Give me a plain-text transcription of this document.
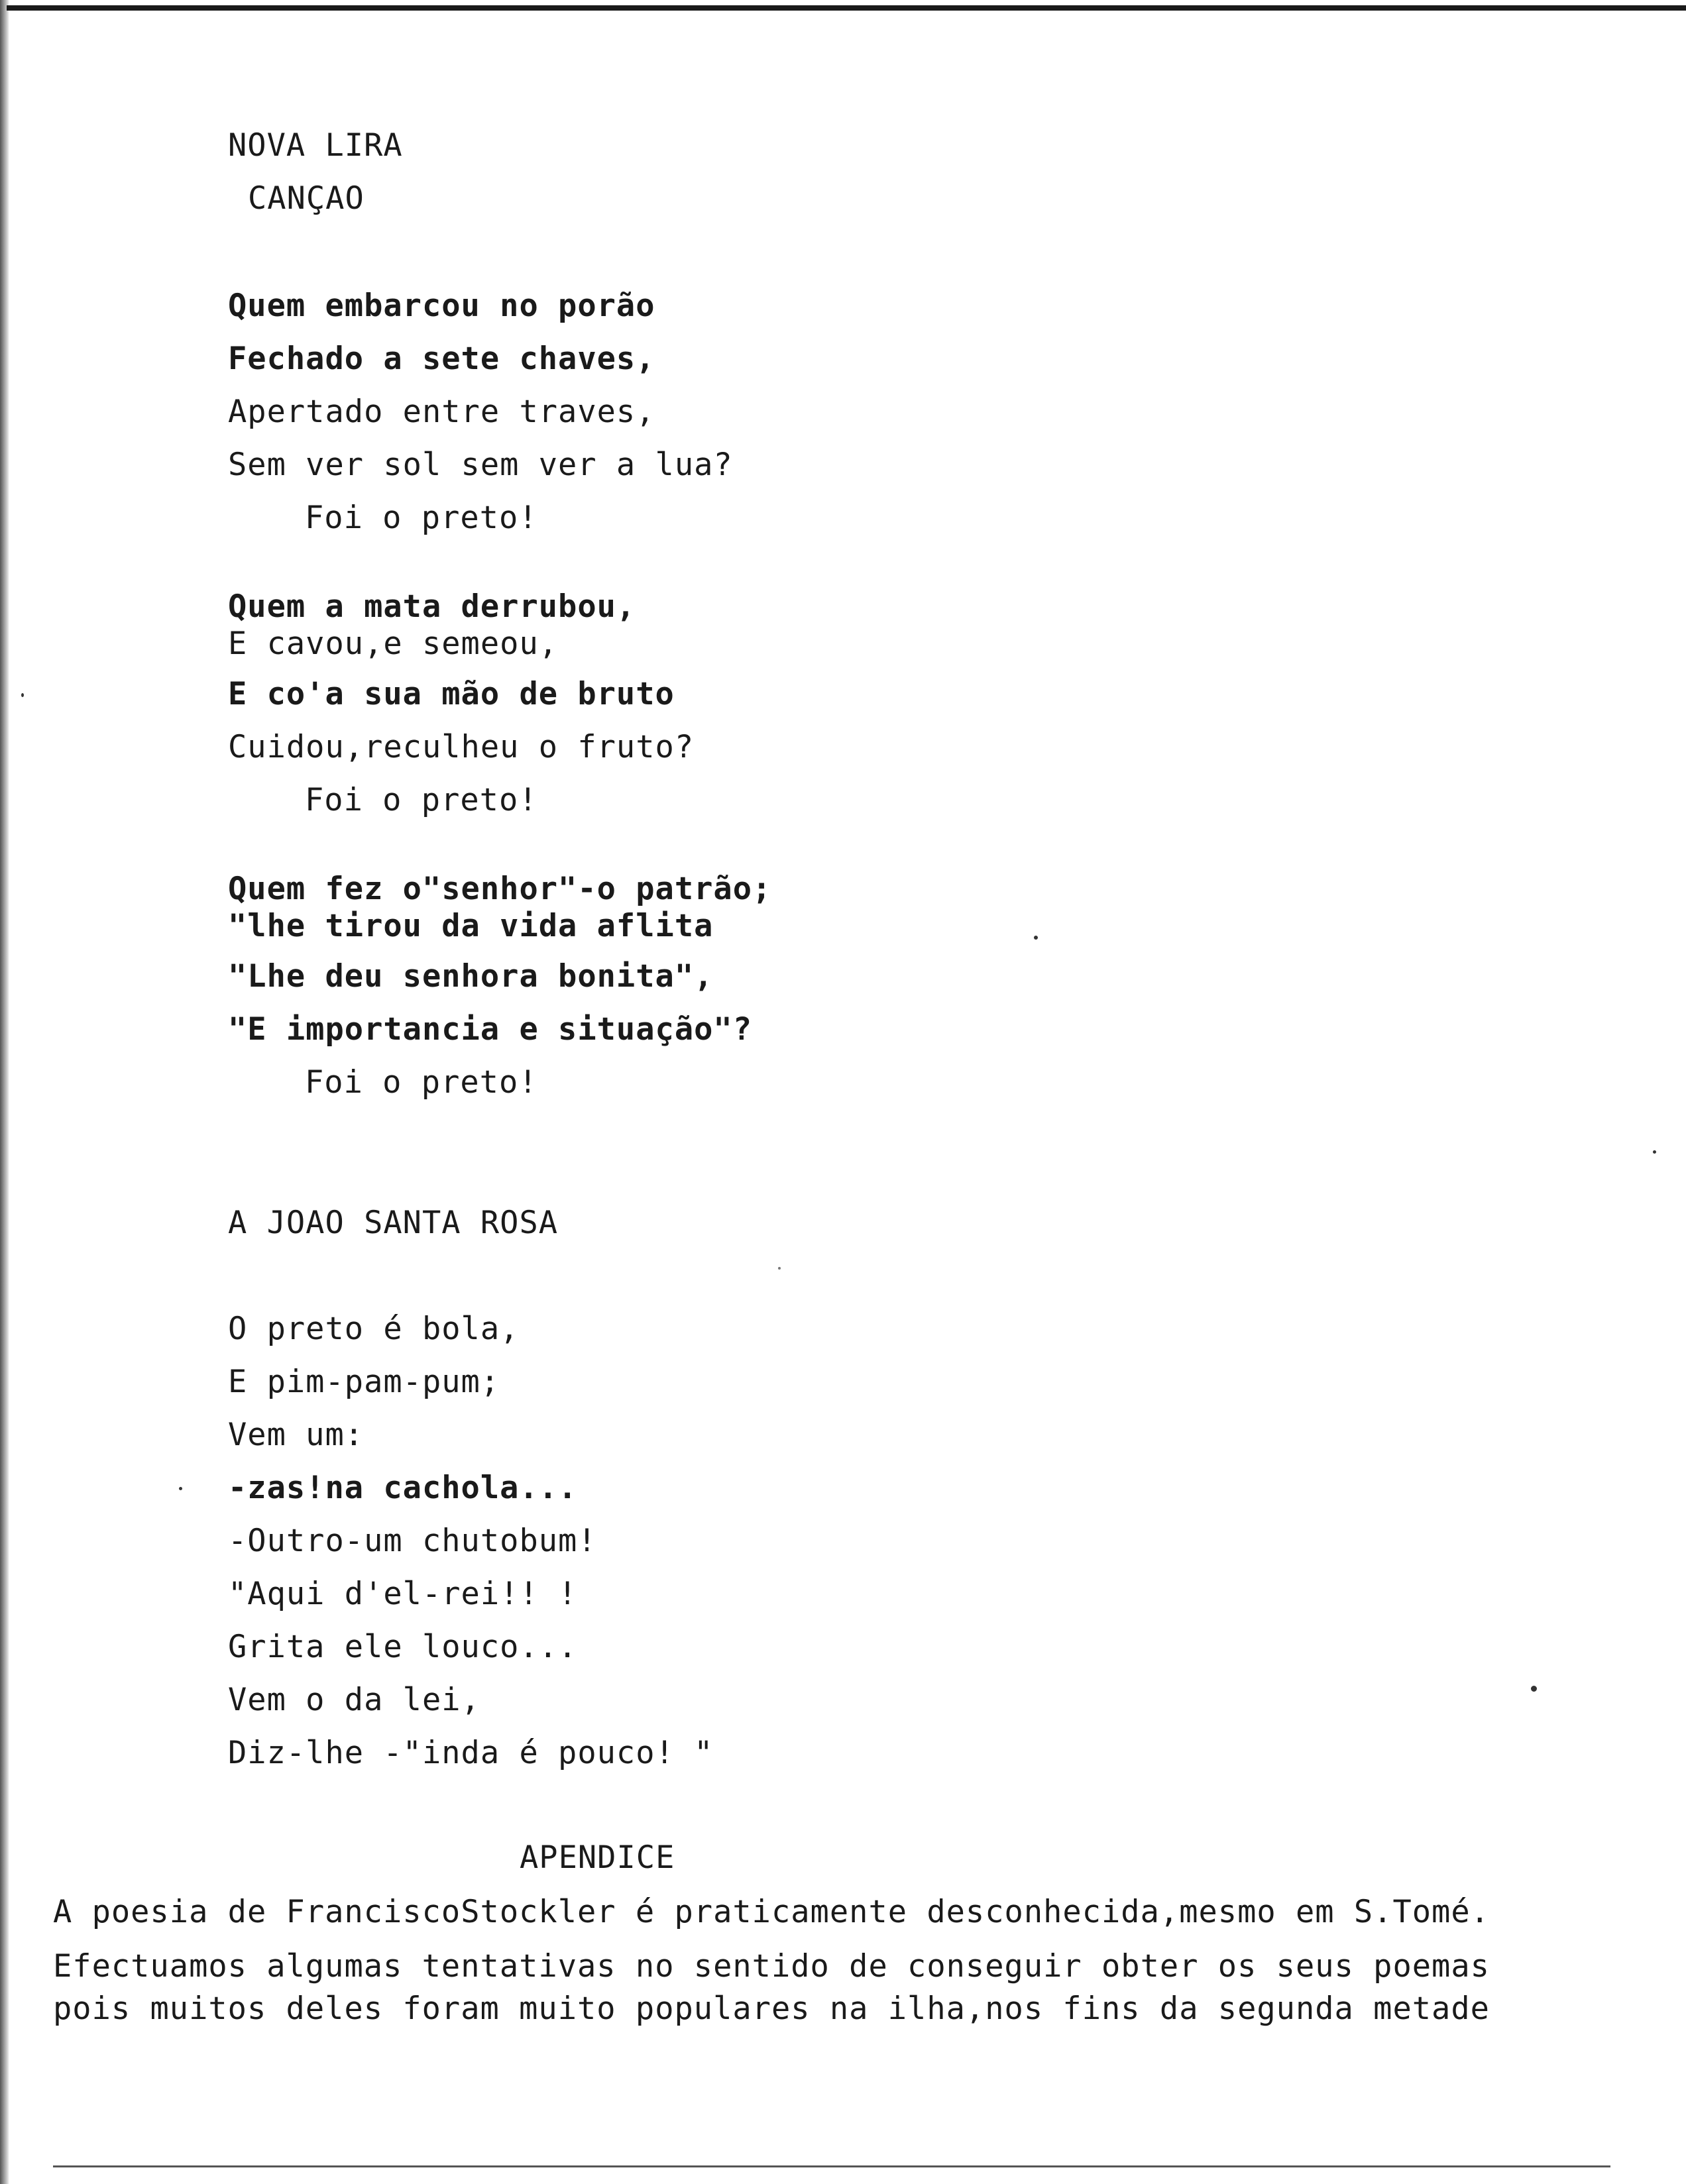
NOVA LIRA
CANÇAO
Quem embarcou no porão
Fechado a sete chaves,
Apertado entre traves,
Sem ver sol sem ver a lua?
Foi o preto!
Quem a mata derrubou,
E cavou,e semeou,
E co'a sua mão de bruto
Cuidou,reculheu o fruto?
Foi o preto!
Quem fez o"senhor"-o patrão;
"lhe tirou da vida aflita
"Lhe deu senhora bonita",
"E importancia e situação"?
Foi o preto!
A JOAO SANTA ROSA
O preto é bola,
E pim-pam-pum;
Vem um:
-zas!na cachola...
-Outro-um chutobum!
"Aqui d'el-rei!! !
Grita ele louco...
Vem o da lei,
Diz-lhe -"inda é pouco! "
APENDICE
A poesia de FranciscoStockler é praticamente desconhecida,mesmo em S.Tomé.
Efectuamos algumas tentativas no sentido de conseguir obter os seus poemas
pois muitos deles foram muito populares na ilha,nos fins da segunda metade
